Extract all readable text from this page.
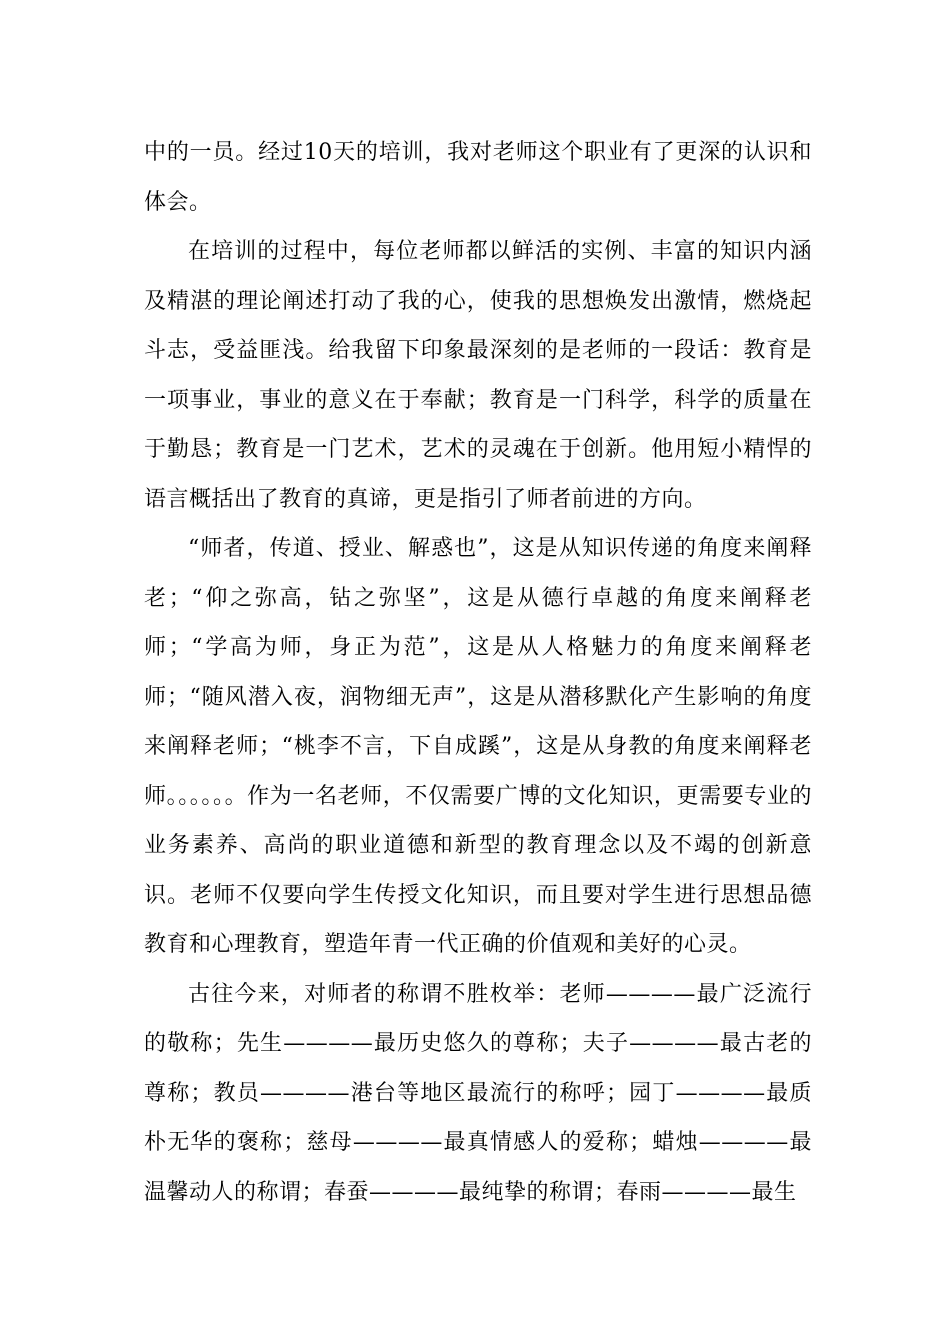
中的一员。经过10天的培训，我对老师这个职业有了更深的认识和体会。

在培训的过程中，每位老师都以鲜活的实例、丰富的知识内涵及精湛的理论阐述打动了我的心，使我的思想焕发出激情，燃烧起斗志，受益匪浅。给我留下印象最深刻的是老师的一段话：教育是一项事业，事业的意义在于奉献；教育是一门科学，科学的质量在于勤恳；教育是一门艺术，艺术的灵魂在于创新。他用短小精悍的语言概括出了教育的真谛，更是指引了师者前进的方向。

“师者，传道、授业、解惑也”，这是从知识传递的角度来阐释老；“仰之弥高，钻之弥坚”，这是从德行卓越的角度来阐释老师；“学高为师，身正为范”，这是从人格魅力的角度来阐释老师；“随风潜入夜，润物细无声”，这是从潜移默化产生影响的角度来阐释老师；“桃李不言，下自成蹊”，这是从身教的角度来阐释老师。。。。。。作为一名老师，不仅需要广博的文化知识，更需要专业的业务素养、高尚的职业道德和新型的教育理念以及不竭的创新意识。老师不仅要向学生传授文化知识，而且要对学生进行思想品德教育和心理教育，塑造年青一代正确的价值观和美好的心灵。

古往今来，对师者的称谓不胜枚举：老师————最广泛流行的敬称；先生————最历史悠久的尊称；夫子————最古老的尊称；教员————港台等地区最流行的称呼；园丁————最质朴无华的褒称；慈母————最真情感人的爱称；蜡烛————最温馨动人的称谓；春蚕————最纯挚的称谓；春雨————最生
